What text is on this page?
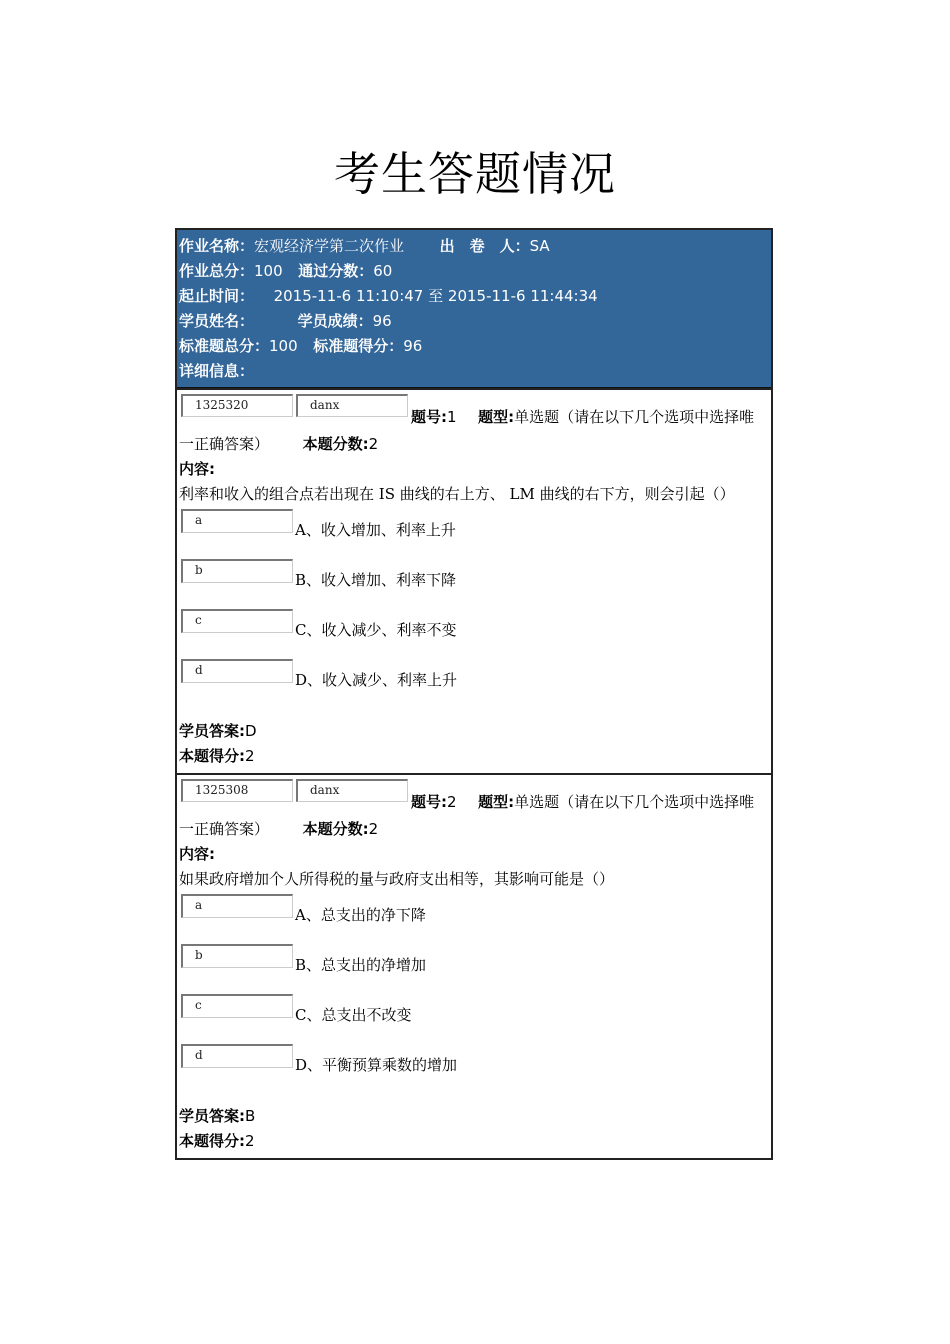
考生答题情况
作业名称：宏观经济学第二次作业 出　卷　人：SA
作业总分：100 通过分数：60
起止时间： 2015-11-6 11:10:47 至 2015-11-6 11:44:34
学员姓名：	学员成绩：96
标准题总分：100 标准题得分：96
详细信息：
1325320	danx
题号:1 题型:单选题（请在以下几个选项中选择唯
一正确答案） 本题分数:2
内容:
利率和收入的组合点若出现在 IS 曲线的右上方、 LM 曲线的右下方，则会引起（）
a
A、收入增加、利率上升
b
B、收入增加、利率下降
c
C、收入减少、利率不变
d
D、收入减少、利率上升
学员答案:D
本题得分:2
1325308	danx
题号:2 题型:单选题（请在以下几个选项中选择唯
一正确答案） 本题分数:2
内容:
如果政府增加个人所得税的量与政府支出相等，其影响可能是（）
a
A、总支出的净下降
b
B、总支出的净增加
c
C、总支出不改变
d
D、平衡预算乘数的增加
学员答案:B
本题得分:2
